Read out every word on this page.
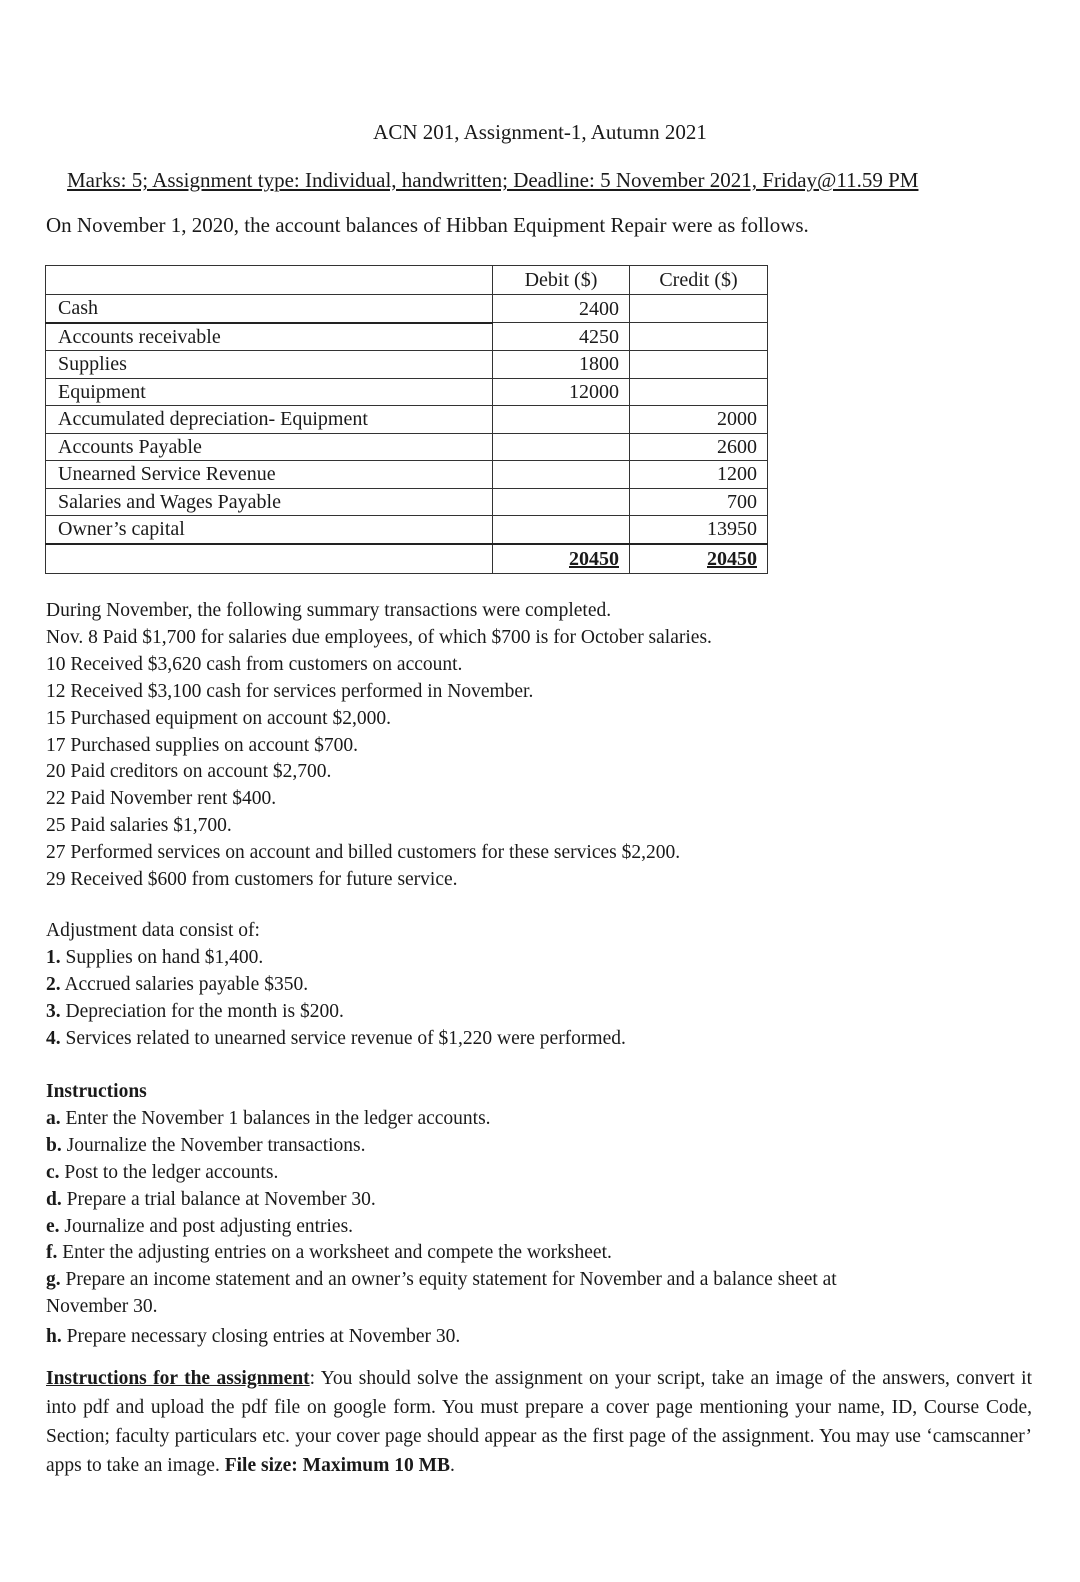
ACN 201, Assignment-1, Autumn 2021
Marks: 5; Assignment type: Individual, handwritten; Deadline: 5 November 2021, Friday@11.59 PM
On November 1, 2020, the account balances of Hibban Equipment Repair were as follows.
	Debit ($)	Credit ($)
Cash	2400	
Accounts receivable	4250	
Supplies	1800	
Equipment	12000	
Accumulated depreciation- Equipment		2000
Accounts Payable		2600
Unearned Service Revenue		1200
Salaries and Wages Payable		700
Owner’s capital		13950
	20450	20450
During November, the following summary transactions were completed.
Nov. 8 Paid $1,700 for salaries due employees, of which $700 is for October salaries.
10 Received $3,620 cash from customers on account.
12 Received $3,100 cash for services performed in November.
15 Purchased equipment on account $2,000.
17 Purchased supplies on account $700.
20 Paid creditors on account $2,700.
22 Paid November rent $400.
25 Paid salaries $1,700.
27 Performed services on account and billed customers for these services $2,200.
29 Received $600 from customers for future service.
Adjustment data consist of:
1. Supplies on hand $1,400.
2. Accrued salaries payable $350.
3. Depreciation for the month is $200.
4. Services related to unearned service revenue of $1,220 were performed.
Instructions
a. Enter the November 1 balances in the ledger accounts.
b. Journalize the November transactions.
c. Post to the ledger accounts.
d. Prepare a trial balance at November 30.
e. Journalize and post adjusting entries.
f. Enter the adjusting entries on a worksheet and compete the worksheet.
g. Prepare an income statement and an owner’s equity statement for November and a balance sheet at
November 30.
h. Prepare necessary closing entries at November 30.
Instructions for the assignment: You should solve the assignment on your script, take an image of the answers, convert it into pdf and upload the pdf file on google form. You must prepare a cover page mentioning your name, ID, Course Code, Section; faculty particulars etc. your cover page should appear as the first page of the assignment. You may use ‘camscanner’ apps to take an image. File size: Maximum 10 MB.
